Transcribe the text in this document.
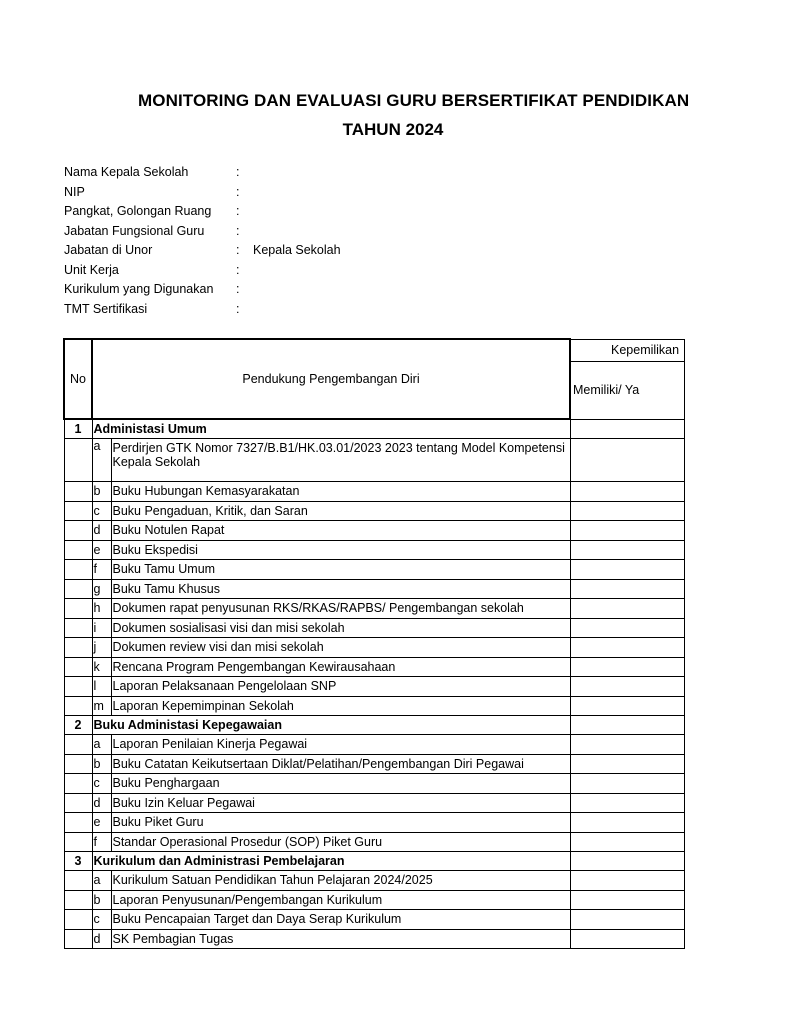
MONITORING DAN EVALUASI GURU BERSERTIFIKAT PENDIDIKAN
TAHUN 2024
Nama Kepala Sekolah	:
NIP	:
Pangkat, Golongan Ruang :
Jabatan Fungsional Guru	:
Jabatan di Unor	: Kepala Sekolah
Unit Kerja	:
Kurikulum yang Digunakan :
TMT Sertifikasi	:
No	Pendukung Pengembangan Diri		Kepemilikan
			Memiliki/ Ya
1	Administasi Umum		
	a	Perdirjen GTK Nomor 7327/B.B1/HK.03.01/2023 2023 tentang Model Kompetensi Kepala Sekolah	
	b	Buku Hubungan Kemasyarakatan	
	c	Buku Pengaduan, Kritik, dan Saran	
	d	Buku Notulen Rapat	
	e	Buku Ekspedisi	
	f	Buku Tamu Umum	
	g	Buku Tamu Khusus	
	h	Dokumen rapat penyusunan RKS/RKAS/RAPBS/ Pengembangan sekolah	
	i	Dokumen sosialisasi visi dan misi sekolah	
	j	Dokumen review visi dan misi sekolah	
	k	Rencana Program Pengembangan Kewirausahaan	
	l	Laporan Pelaksanaan Pengelolaan SNP	
	m	Laporan Kepemimpinan Sekolah	
2	Buku Administasi Kepegawaian		
	a	Laporan Penilaian Kinerja Pegawai	
	b	Buku Catatan Keikutsertaan Diklat/Pelatihan/Pengembangan Diri Pegawai	
	c	Buku Penghargaan	
	d	Buku Izin Keluar Pegawai	
	e	Buku Piket Guru	
	f	Standar Operasional Prosedur (SOP) Piket Guru	
3	Kurikulum dan Administrasi Pembelajaran		
	a	Kurikulum Satuan Pendidikan Tahun Pelajaran 2024/2025	
	b	Laporan Penyusunan/Pengembangan Kurikulum	
	c	Buku Pencapaian Target dan Daya Serap Kurikulum	
	d	SK Pembagian Tugas	
